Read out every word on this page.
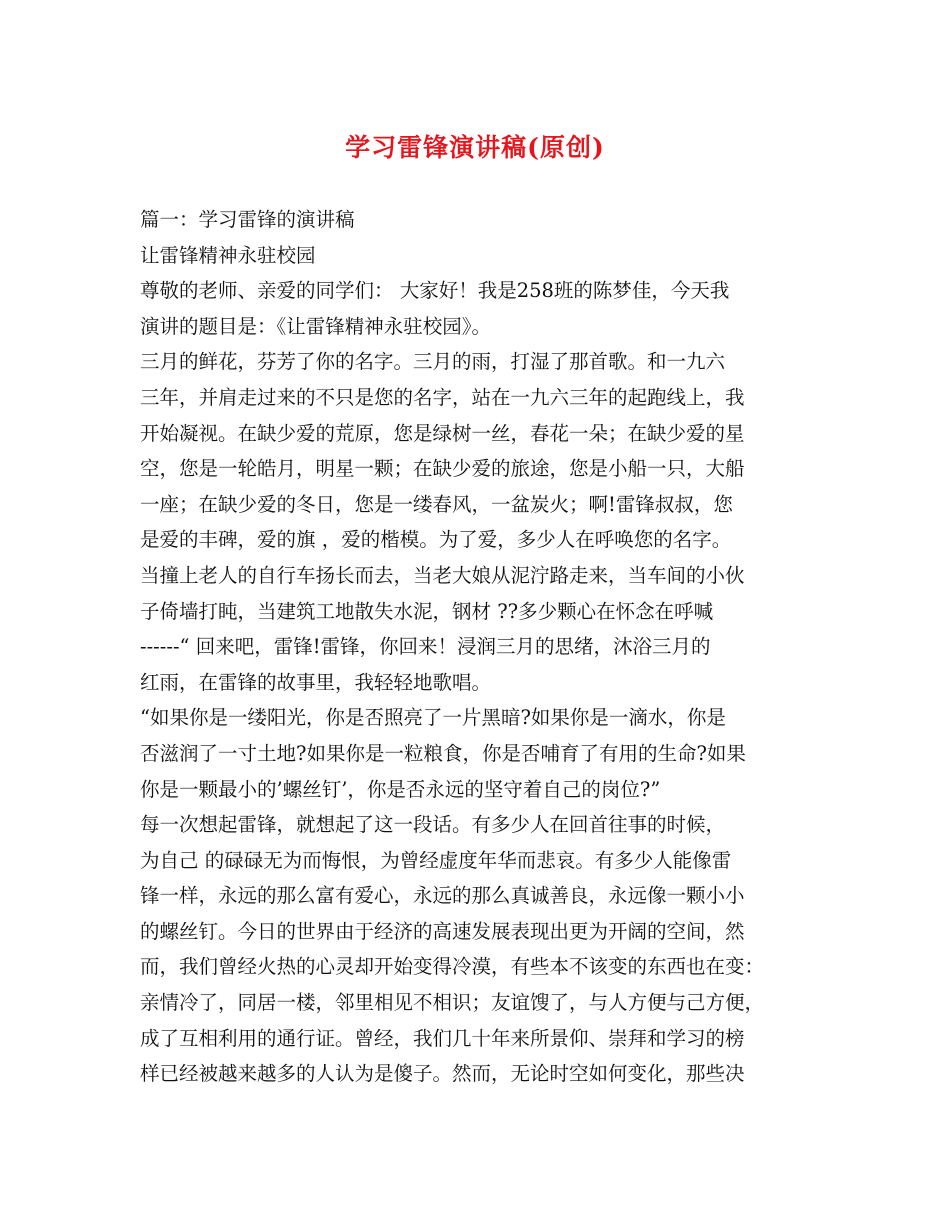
学习雷锋演讲稿(原创)
篇一：学习雷锋的演讲稿
让雷锋精神永驻校园
尊敬的老师、亲爱的同学们： 大家好！我是258班的陈梦佳，今天我
演讲的题目是：《让雷锋精神永驻校园》。
三月的鲜花，芬芳了你的名字。三月的雨，打湿了那首歌。和一九六
三年，并肩走过来的不只是您的名字，站在一九六三年的起跑线上，我
开始凝视。在缺少爱的荒原，您是绿树一丝，春花一朵；在缺少爱的星
空，您是一轮皓月，明星一颗；在缺少爱的旅途，您是小船一只，大船
一座；在缺少爱的冬日，您是一缕春风，一盆炭火；啊!雷锋叔叔，您
是爱的丰碑，爱的旗 ，爱的楷模。为了爱，多少人在呼唤您的名字。
当撞上老人的自行车扬长而去，当老大娘从泥泞路走来，当车间的小伙
子倚墙打盹，当建筑工地散失水泥，钢材 ??多少颗心在怀念在呼喊
------“ 回来吧，雷锋!雷锋，你回来！浸润三月的思绪，沐浴三月的
红雨，在雷锋的故事里，我轻轻地歌唱。
“如果你是一缕阳光，你是否照亮了一片黑暗?如果你是一滴水，你是
否滋润了一寸土地?如果你是一粒粮食，你是否哺育了有用的生命?如果
你是一颗最小的’螺丝钉’，你是否永远的坚守着自己的岗位?”
每一次想起雷锋，就想起了这一段话。有多少人在回首往事的时候，
为自己 的碌碌无为而悔恨，为曾经虚度年华而悲哀。有多少人能像雷
锋一样，永远的那么富有爱心，永远的那么真诚善良，永远像一颗小小
的螺丝钉。今日的世界由于经济的高速发展表现出更为开阔的空间，然
而，我们曾经火热的心灵却开始变得冷漠，有些本不该变的东西也在变：
亲情冷了，同居一楼，邻里相见不相识；友谊馊了，与人方便与己方便，
成了互相利用的通行证。曾经，我们几十年来所景仰、崇拜和学习的榜
样已经被越来越多的人认为是傻子。然而，无论时空如何变化，那些决
